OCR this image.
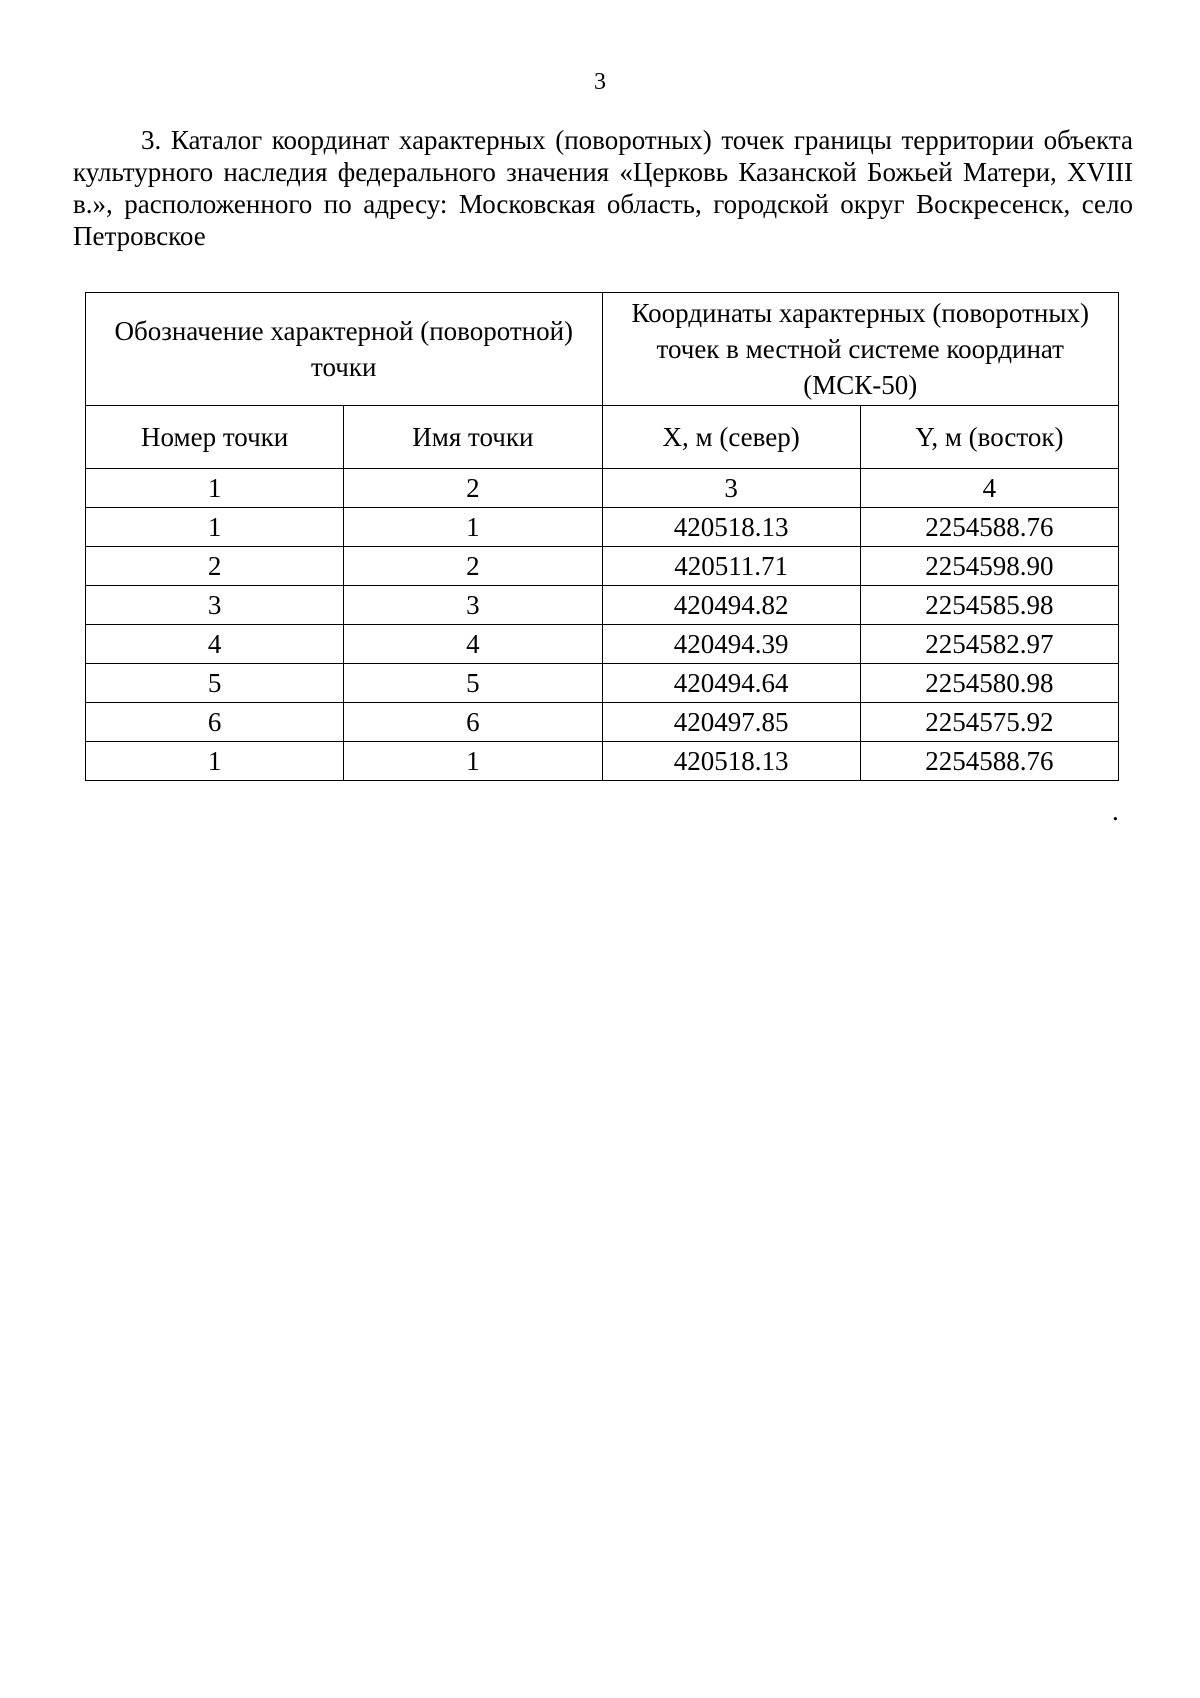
3

3. Каталог координат характерных (поворотных) точек границы территории объекта культурного наследия федерального значения «Церковь Казанской Божьей Матери, XVIII в.», расположенного по адресу: Московская область, городской округ Воскресенск, село Петровское

Обозначение характерной (поворотной) точки		Координаты характерных (поворотных) точек в местной системе координат (МСК-50)	
Номер точки	Имя точки	X, м (север)	Y, м (восток)
1	2	3	4
1	1	420518.13	2254588.76
2	2	420511.71	2254598.90
3	3	420494.82	2254585.98
4	4	420494.39	2254582.97
5	5	420494.64	2254580.98
6	6	420497.85	2254575.92
1	1	420518.13	2254588.76
.
